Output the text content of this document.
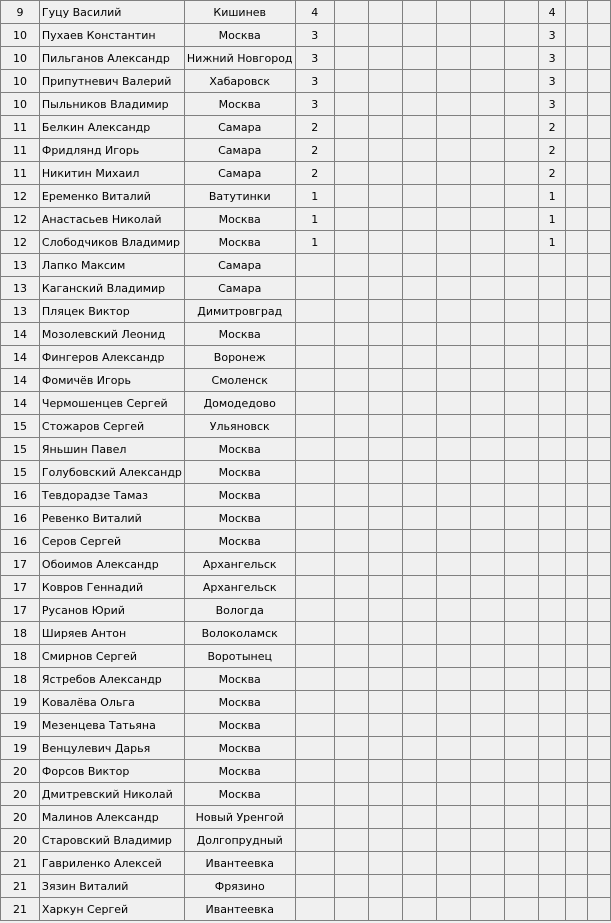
9	Гуцу Василий	Кишинев	4							4		
10	Пухаев Константин	Москва	3							3		
10	Пильганов Александр	Нижний Новгород	3							3		
10	Припутневич Валерий	Хабаровск	3							3		
10	Пыльников Владимир	Москва	3							3		
11	Белкин Александр	Самара	2							2		
11	Фридлянд Игорь	Самара	2							2		
11	Никитин Михаил	Самара	2							2		
12	Еременко Виталий	Ватутинки	1							1		
12	Анастасьев Николай	Москва	1							1		
12	Слободчиков Владимир	Москва	1							1		
13	Лапко Максим	Самара										
13	Каганский Владимир	Самара										
13	Пляцек Виктор	Димитровград										
14	Мозолевский Леонид	Москва										
14	Фингеров Александр	Воронеж										
14	Фомичёв Игорь	Смоленск										
14	Чермошенцев Сергей	Домодедово										
15	Стожаров Сергей	Ульяновск										
15	Яньшин Павел	Москва										
15	Голубовский Александр	Москва										
16	Тевдорадзе Тамаз	Москва										
16	Ревенко Виталий	Москва										
16	Серов Сергей	Москва										
17	Обоимов Александр	Архангельск										
17	Ковров Геннадий	Архангельск										
17	Русанов Юрий	Вологда										
18	Ширяев Антон	Волоколамск										
18	Смирнов Сергей	Воротынец										
18	Ястребов Александр	Москва										
19	Ковалёва Ольга	Москва										
19	Мезенцева Татьяна	Москва										
19	Венцулевич Дарья	Москва										
20	Форсов Виктор	Москва										
20	Дмитревский Николай	Москва										
20	Малинов Александр	Новый Уренгой										
20	Старовский Владимир	Долгопрудный										
21	Гавриленко Алексей	Ивантеевка										
21	Зязин Виталий	Фрязино										
21	Харкун Сергей	Ивантеевка										
